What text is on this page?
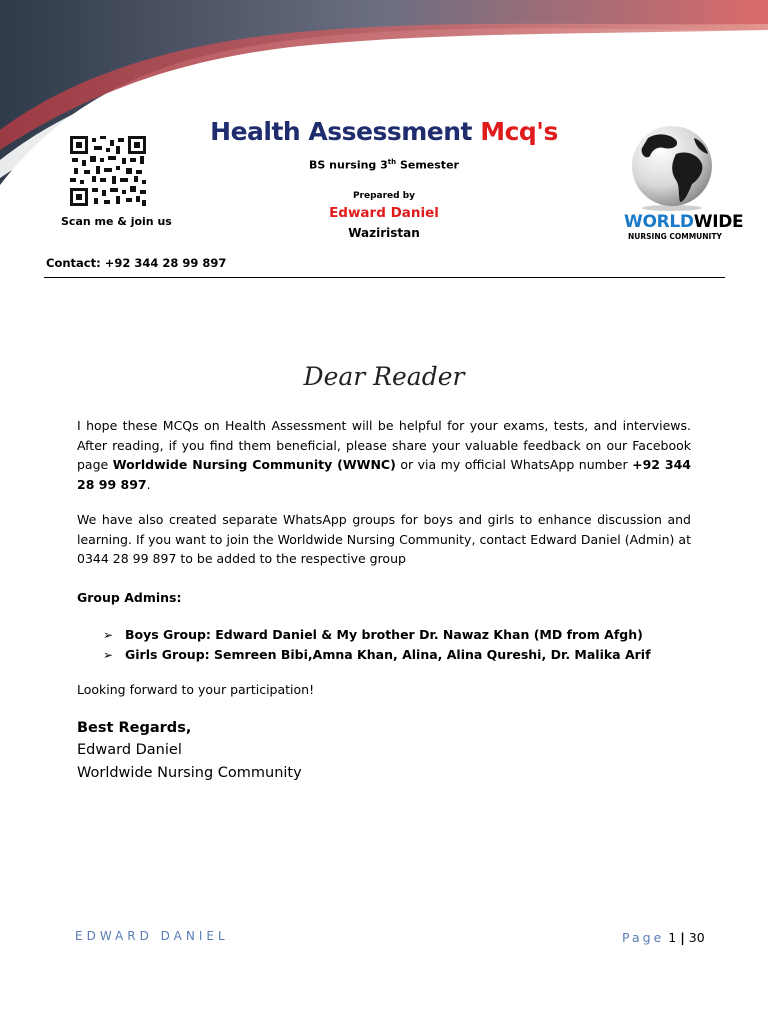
Scan me & join us
Health Assessment Mcq's
BS nursing 3th Semester
Prepared by
Edward Daniel
Waziristan
WORLDWIDE
NURSING COMMUNITY
Contact: +92 344 28 99 897
Dear Reader
I hope these MCQs on Health Assessment will be helpful for your exams, tests, and interviews. After reading, if you find them beneficial, please share your valuable feedback on our Facebook page Worldwide Nursing Community (WWNC) or via my official WhatsApp number +92 344 28 99 897.
We have also created separate WhatsApp groups for boys and girls to enhance discussion and learning. If you want to join the Worldwide Nursing Community, contact Edward Daniel (Admin) at 0344 28 99 897 to be added to the respective group
Group Admins:
➢ Boys Group: Edward Daniel & My brother Dr. Nawaz Khan (MD from Afgh)
➢ Girls Group: Semreen Bibi,Amna Khan, Alina, Alina Qureshi, Dr. Malika Arif
Looking forward to your participation!
Best Regards,
Edward Daniel
Worldwide Nursing Community
EDWARD DANIEL	Page 1 | 30
